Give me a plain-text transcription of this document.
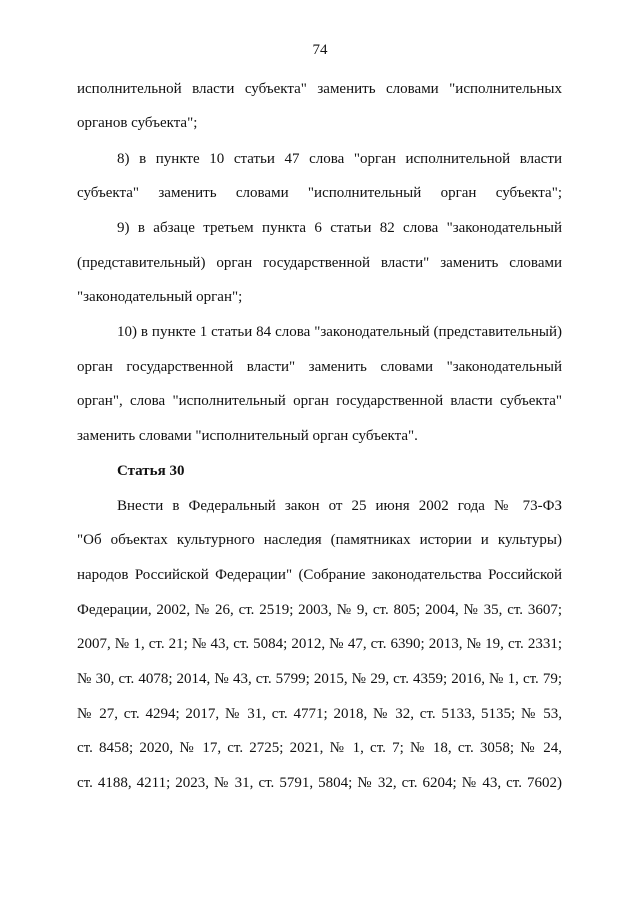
74
исполнительной власти субъекта" заменить словами "исполнительных
органов субъекта";
8) в пункте 10 статьи 47 слова "орган исполнительной власти
субъекта" заменить словами "исполнительный орган субъекта";
9) в абзаце третьем пункта 6 статьи 82 слова "законодательный
(представительный) орган государственной власти" заменить словами
"законодательный орган";
10) в пункте 1 статьи 84 слова "законодательный (представительный)
орган государственной власти" заменить словами "законодательный
орган", слова "исполнительный орган государственной власти субъекта"
заменить словами "исполнительный орган субъекта".
Статья 30
Внести в Федеральный закон от 25 июня 2002 года № 73-ФЗ
"Об объектах культурного наследия (памятниках истории и культуры)
народов Российской Федерации" (Собрание законодательства Российской
Федерации, 2002, № 26, ст. 2519; 2003, № 9, ст. 805; 2004, № 35, ст. 3607;
2007, № 1, ст. 21; № 43, ст. 5084; 2012, № 47, ст. 6390; 2013, № 19, ст. 2331;
№ 30, ст. 4078; 2014, № 43, ст. 5799; 2015, № 29, ст. 4359; 2016, № 1, ст. 79;
№ 27, ст. 4294; 2017, № 31, ст. 4771; 2018, № 32, ст. 5133, 5135; № 53,
ст. 8458; 2020, № 17, ст. 2725; 2021, № 1, ст. 7; № 18, ст. 3058; № 24,
ст. 4188, 4211; 2023, № 31, ст. 5791, 5804; № 32, ст. 6204; № 43, ст. 7602)
